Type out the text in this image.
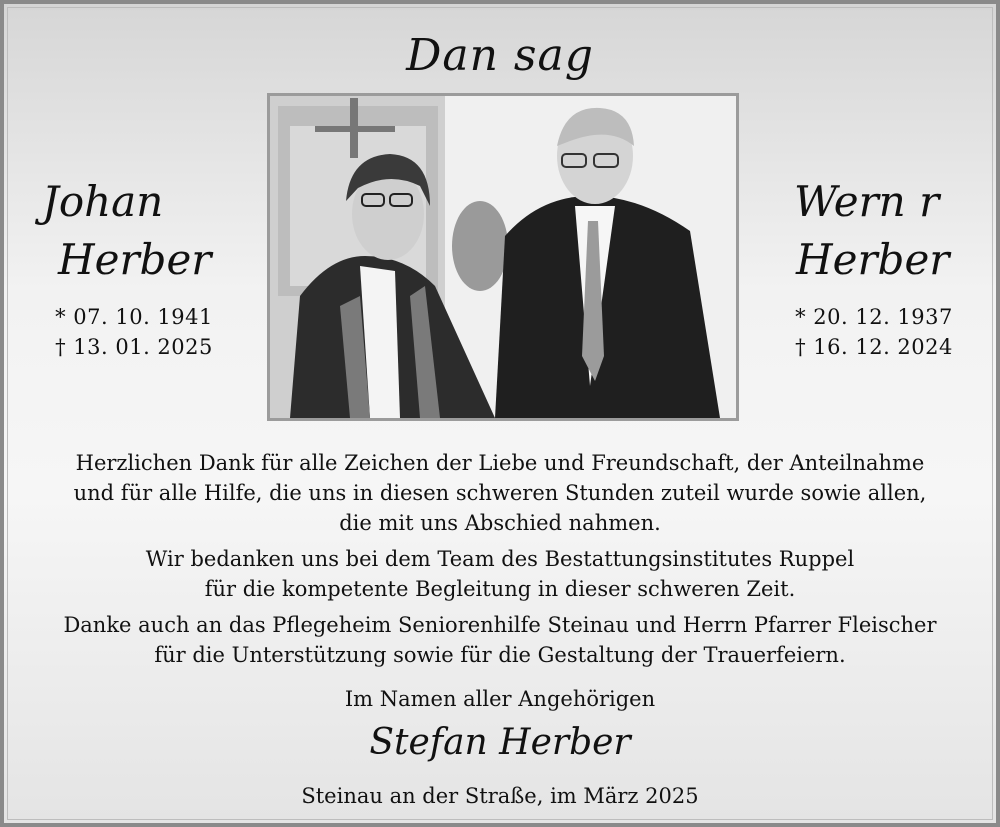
Dan sag
Johan
Herber
* 07. 10. 1941
† 13. 01. 2025
Wern r
Herber
* 20. 12. 1937
† 16. 12. 2024

Herzlichen Dank für alle Zeichen der Liebe und Freundschaft, der Anteilnahme
und für alle Hilfe, die uns in diesen schweren Stunden zuteil wurde sowie allen,
die mit uns Abschied nahmen.

Wir bedanken uns bei dem Team des Bestattungsinstitutes Ruppel
für die kompetente Begleitung in dieser schweren Zeit.

Danke auch an das Pflegeheim Seniorenhilfe Steinau und Herrn Pfarrer Fleischer
für die Unterstützung sowie für die Gestaltung der Trauerfeiern.

Im Namen aller Angehörigen
Stefan Herber
Steinau an der Straße, im März 2025
